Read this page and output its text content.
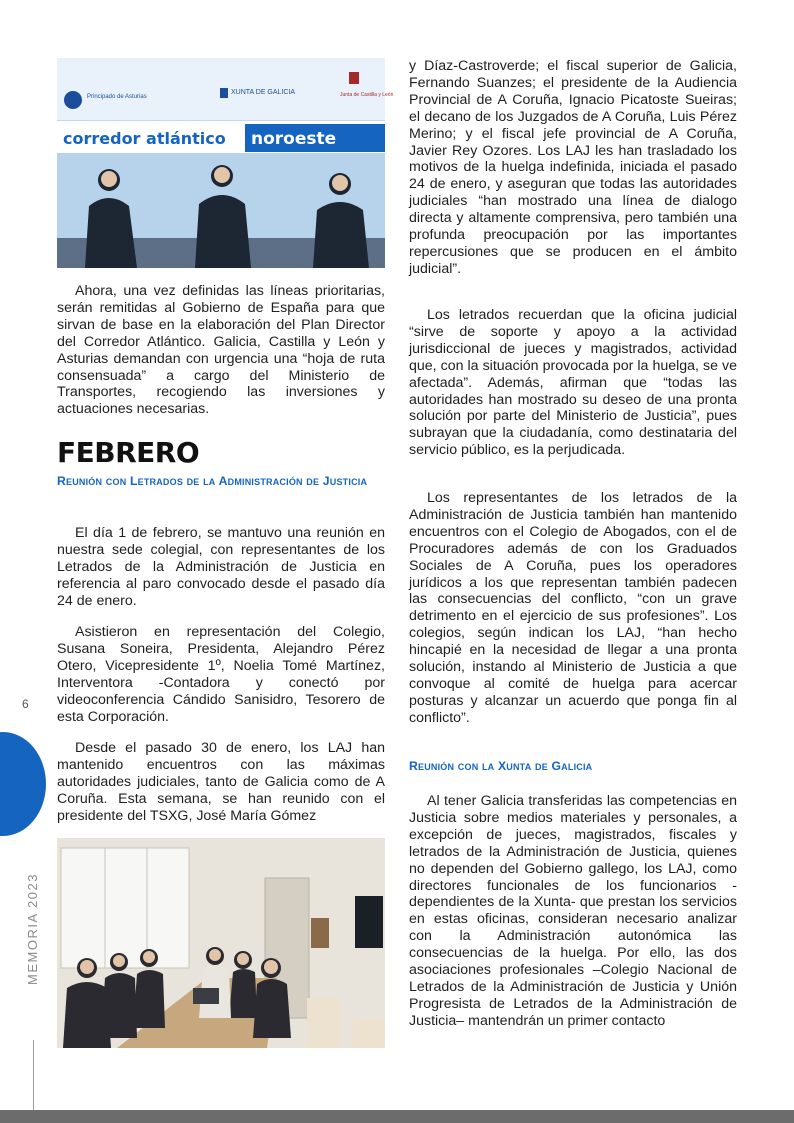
Principado de Asturias
XUNTA DE GALICIA	Junta de Castilla y León
corredor atlántico noroeste

Ahora, una vez definidas las líneas prioritarias, serán remitidas al Gobierno de España para que sirvan de base en la elaboración del Plan Director del Corredor Atlántico. Galicia, Castilla y León y Asturias demandan con urgencia una “hoja de ruta consensuada” a cargo del Ministerio de Transportes, recogiendo las inversiones y actuaciones necesarias.

FEBRERO
Reunión con Letrados de la Administración de Justicia

El día 1 de febrero, se mantuvo una reunión en nuestra sede colegial, con representantes de los Letrados de la Administración de Justicia en referencia al paro convocado desde el pasado día 24 de enero.

Asistieron en representación del Colegio, Susana Soneira, Presidenta, Alejandro Pérez Otero, Vicepresidente 1º, Noelia Tomé Martínez, Interventora -Contadora y conectó por videoconferencia Cándido Sanisidro, Tesorero de esta Corporación.

Desde el pasado 30 de enero, los LAJ han mantenido encuentros con las máximas autoridades judiciales, tanto de Galicia como de A Coruña. Esta semana, se han reunido con el presidente del TSXG, José María Gómez

y Díaz-Castroverde; el fiscal superior de Galicia, Fernando Suanzes; el presidente de la Audiencia Provincial de A Coruña, Ignacio Picatoste Sueiras; el decano de los Juzgados de A Coruña, Luis Pérez Merino; y el fiscal jefe provincial de A Coruña, Javier Rey Ozores. Los LAJ les han trasladado los motivos de la huelga indefinida, iniciada el pasado 24 de enero, y aseguran que todas las autoridades judiciales “han mostrado una línea de dialogo directa y altamente comprensiva, pero también una profunda preocupación por las importantes repercusiones que se producen en el ámbito judicial”.

Los letrados recuerdan que la oficina judicial “sirve de soporte y apoyo a la actividad jurisdiccional de jueces y magistrados, actividad que, con la situación provocada por la huelga, se ve afectada”. Además, afirman que “todas las autoridades han mostrado su deseo de una pronta solución por parte del Ministerio de Justicia”, pues subrayan que la ciudadanía, como destinataria del servicio público, es la perjudicada.

Los representantes de los letrados de la Administración de Justicia también han mantenido encuentros con el Colegio de Abogados, con el de Procuradores además de con los Graduados Sociales de A Coruña, pues los operadores jurídicos a los que representan también padecen las consecuencias del conflicto, “con un grave detrimento en el ejercicio de sus profesiones”. Los colegios, según indican los LAJ, “han hecho hincapié en la necesidad de llegar a una pronta solución, instando al Ministerio de Justicia a que convoque al comité de huelga para acercar posturas y alcanzar un acuerdo que ponga fin al conflicto”.

Reunión con la Xunta de Galicia

Al tener Galicia transferidas las competencias en Justicia sobre medios materiales y personales, a excepción de jueces, magistrados, fiscales y letrados de la Administración de Justicia, quienes no dependen del Gobierno gallego, los LAJ, como directores funcionales de los funcionarios -dependientes de la Xunta- que prestan los servicios en estas oficinas, consideran necesario analizar con la Administración autonómica las consecuencias de la huelga. Por ello, las dos asociaciones profesionales –Colegio Nacional de Letrados de la Administración de Justicia y Unión Progresista de Letrados de la Administración de Justicia– mantendrán un primer contacto

6
MEMORIA 2023
